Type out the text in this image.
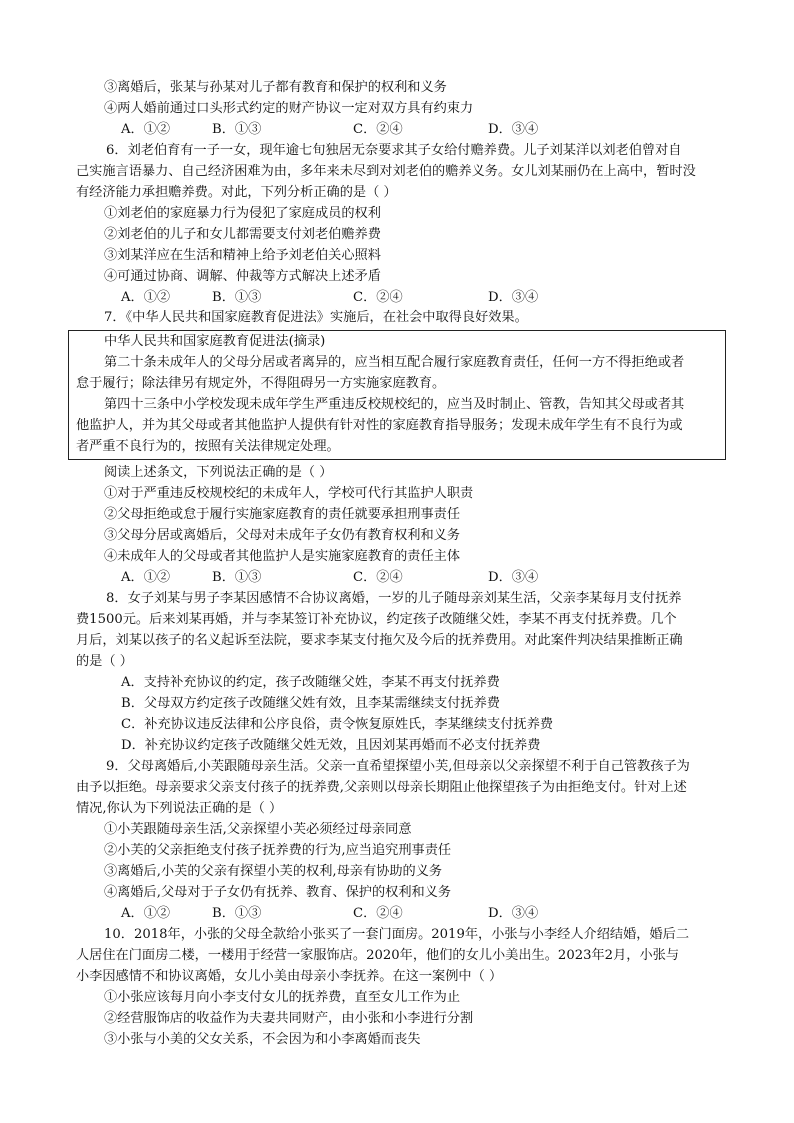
③离婚后，张某与孙某对儿子都有教育和保护的权利和义务
④两人婚前通过口头形式约定的财产协议一定对双方具有约束力
A．①②	B．①③	C．②④	D．③④
6．刘老伯育有一子一女，现年逾七旬独居无奈要求其子女给付赡养费。儿子刘某洋以刘老伯曾对自
己实施言语暴力、自己经济困难为由，多年来未尽到对刘老伯的赡养义务。女儿刘某丽仍在上高中，暂时没
有经济能力承担赡养费。对此，下列分析正确的是（ ）
①刘老伯的家庭暴力行为侵犯了家庭成员的权利
②刘老伯的儿子和女儿都需要支付刘老伯赡养费
③刘某洋应在生活和精神上给予刘老伯关心照料
④可通过协商、调解、仲裁等方式解决上述矛盾
A．①②	B．①③	C．②④	D．③④
7．《中华人民共和国家庭教育促进法》实施后，在社会中取得良好效果。
中华人民共和国家庭教育促进法(摘录)
第二十条未成年人的父母分居或者离异的，应当相互配合履行家庭教育责任，任何一方不得拒绝或者
怠于履行；除法律另有规定外，不得阻碍另一方实施家庭教育。
第四十三条中小学校发现未成年学生严重违反校规校纪的，应当及时制止、管教，告知其父母或者其
他监护人，并为其父母或者其他监护人提供有针对性的家庭教育指导服务；发现未成年学生有不良行为或
者严重不良行为的，按照有关法律规定处理。
阅读上述条文，下列说法正确的是（ ）
①对于严重违反校规校纪的未成年人，学校可代行其监护人职责
②父母拒绝或怠于履行实施家庭教育的责任就要承担刑事责任
③父母分居或离婚后，父母对未成年子女仍有教育权利和义务
④未成年人的父母或者其他监护人是实施家庭教育的责任主体
A．①②	B．①③	C．②④	D．③④
8．女子刘某与男子李某因感情不合协议离婚，一岁的儿子随母亲刘某生活，父亲李某每月支付抚养
费1500元。后来刘某再婚，并与李某签订补充协议，约定孩子改随继父姓，李某不再支付抚养费。几个
月后，刘某以孩子的名义起诉至法院，要求李某支付拖欠及今后的抚养费用。对此案件判决结果推断正确
的是（ ）
A．支持补充协议的约定，孩子改随继父姓，李某不再支付抚养费
B．父母双方约定孩子改随继父姓有效，且李某需继续支付抚养费
C．补充协议违反法律和公序良俗，责令恢复原姓氏，李某继续支付抚养费
D．补充协议约定孩子改随继父姓无效，且因刘某再婚而不必支付抚养费
9．父母离婚后,小芙跟随母亲生活。父亲一直希望探望小芙,但母亲以父亲探望不利于自己管教孩子为
由予以拒绝。母亲要求父亲支付孩子的抚养费,父亲则以母亲长期阻止他探望孩子为由拒绝支付。针对上述
情况,你认为下列说法正确的是（ ）
①小芙跟随母亲生活,父亲探望小芙必须经过母亲同意
②小芙的父亲拒绝支付孩子抚养费的行为,应当追究刑事责任
③离婚后,小芙的父亲有探望小芙的权利,母亲有协助的义务
④离婚后,父母对于子女仍有抚养、教育、保护的权利和义务
A．①②	B．①③	C．②④	D．③④
10．2018年，小张的父母全款给小张买了一套门面房。2019年，小张与小李经人介绍结婚，婚后二
人居住在门面房二楼，一楼用于经营一家服饰店。2020年，他们的女儿小美出生。2023年2月，小张与
小李因感情不和协议离婚，女儿小美由母亲小李抚养。在这一案例中（ ）
①小张应该每月向小李支付女儿的抚养费，直至女儿工作为止
②经营服饰店的收益作为夫妻共同财产，由小张和小李进行分割
③小张与小美的父女关系，不会因为和小李离婚而丧失
